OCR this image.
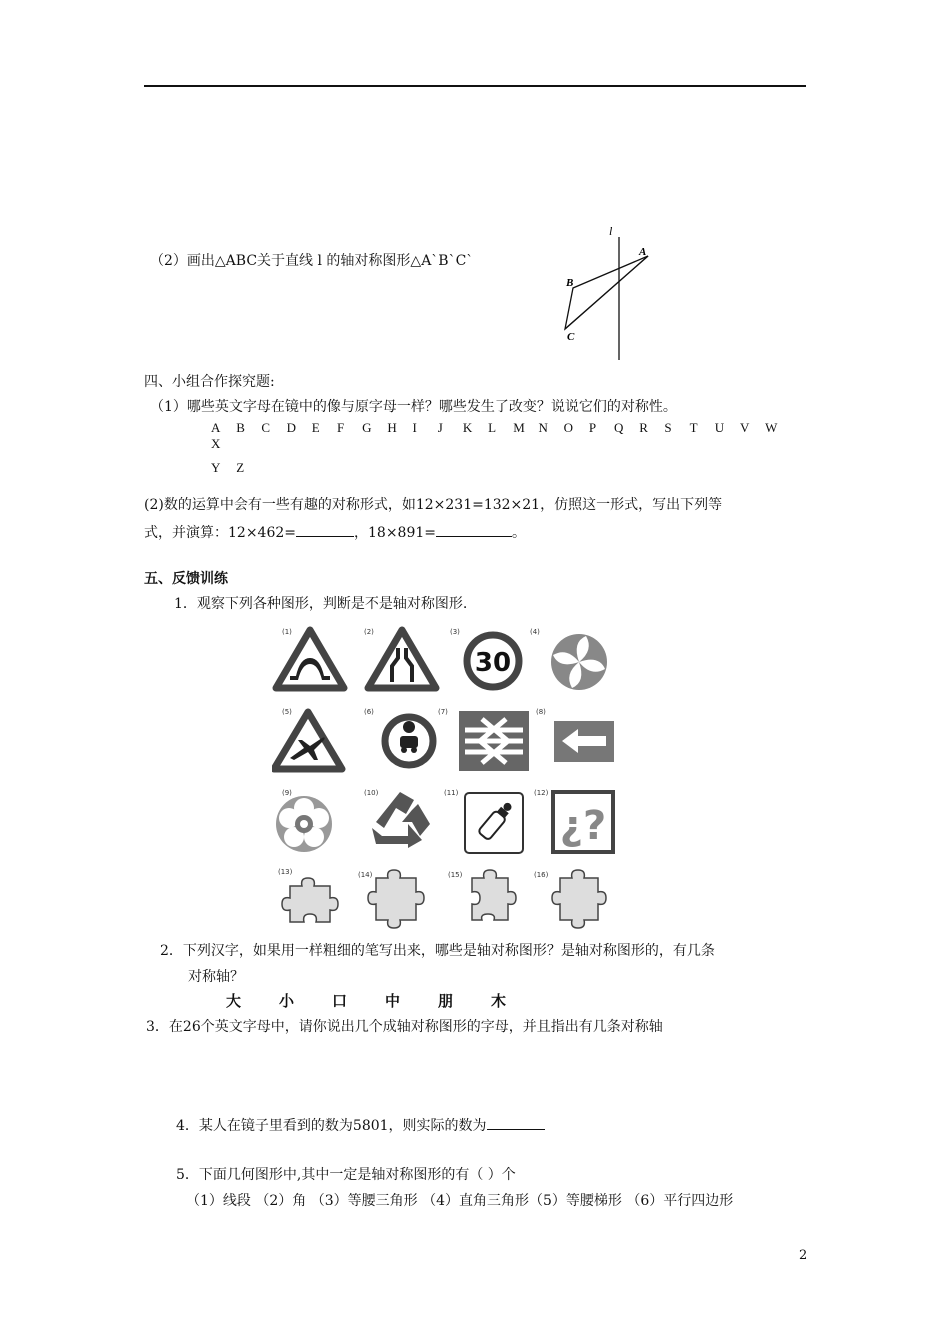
（2）画出△ABC关于直线 l 的轴对称图形△A`B`C`
l
A
B
C
四、小组合作探究题:
（1）哪些英文字母在镜中的像与原字母一样？哪些发生了改变？说说它们的对称性。
A B C D E F G H I J K L M N O P Q R S T U V WX
Y Z
(2)数的运算中会有一些有趣的对称形式，如12×231=132×21，仿照这一形式，写出下列等
式，并演算：12×462=	，18×891=	。
五、反馈训练
1．观察下列各种图形，判断是不是轴对称图形.
(1)	(2)	(3)	(4)
(5)	(6)	(7)	(8)
(9)	(10)	(11)	(12)
(13)	(14)	(15)	(16)
30
¿?
2．下列汉字，如果用一样粗细的笔写出来，哪些是轴对称图形？是轴对称图形的，有几条
对称轴？
大	小	口	中	朋	木
3．在26个英文字母中，请你说出几个成轴对称图形的字母，并且指出有几条对称轴
4．某人在镜子里看到的数为5801，则实际的数为
5．下面几何图形中,其中一定是轴对称图形的有（ ）个
（1）线段 （2）角 （3）等腰三角形 （4）直角三角形（5）等腰梯形 （6）平行四边形
2
